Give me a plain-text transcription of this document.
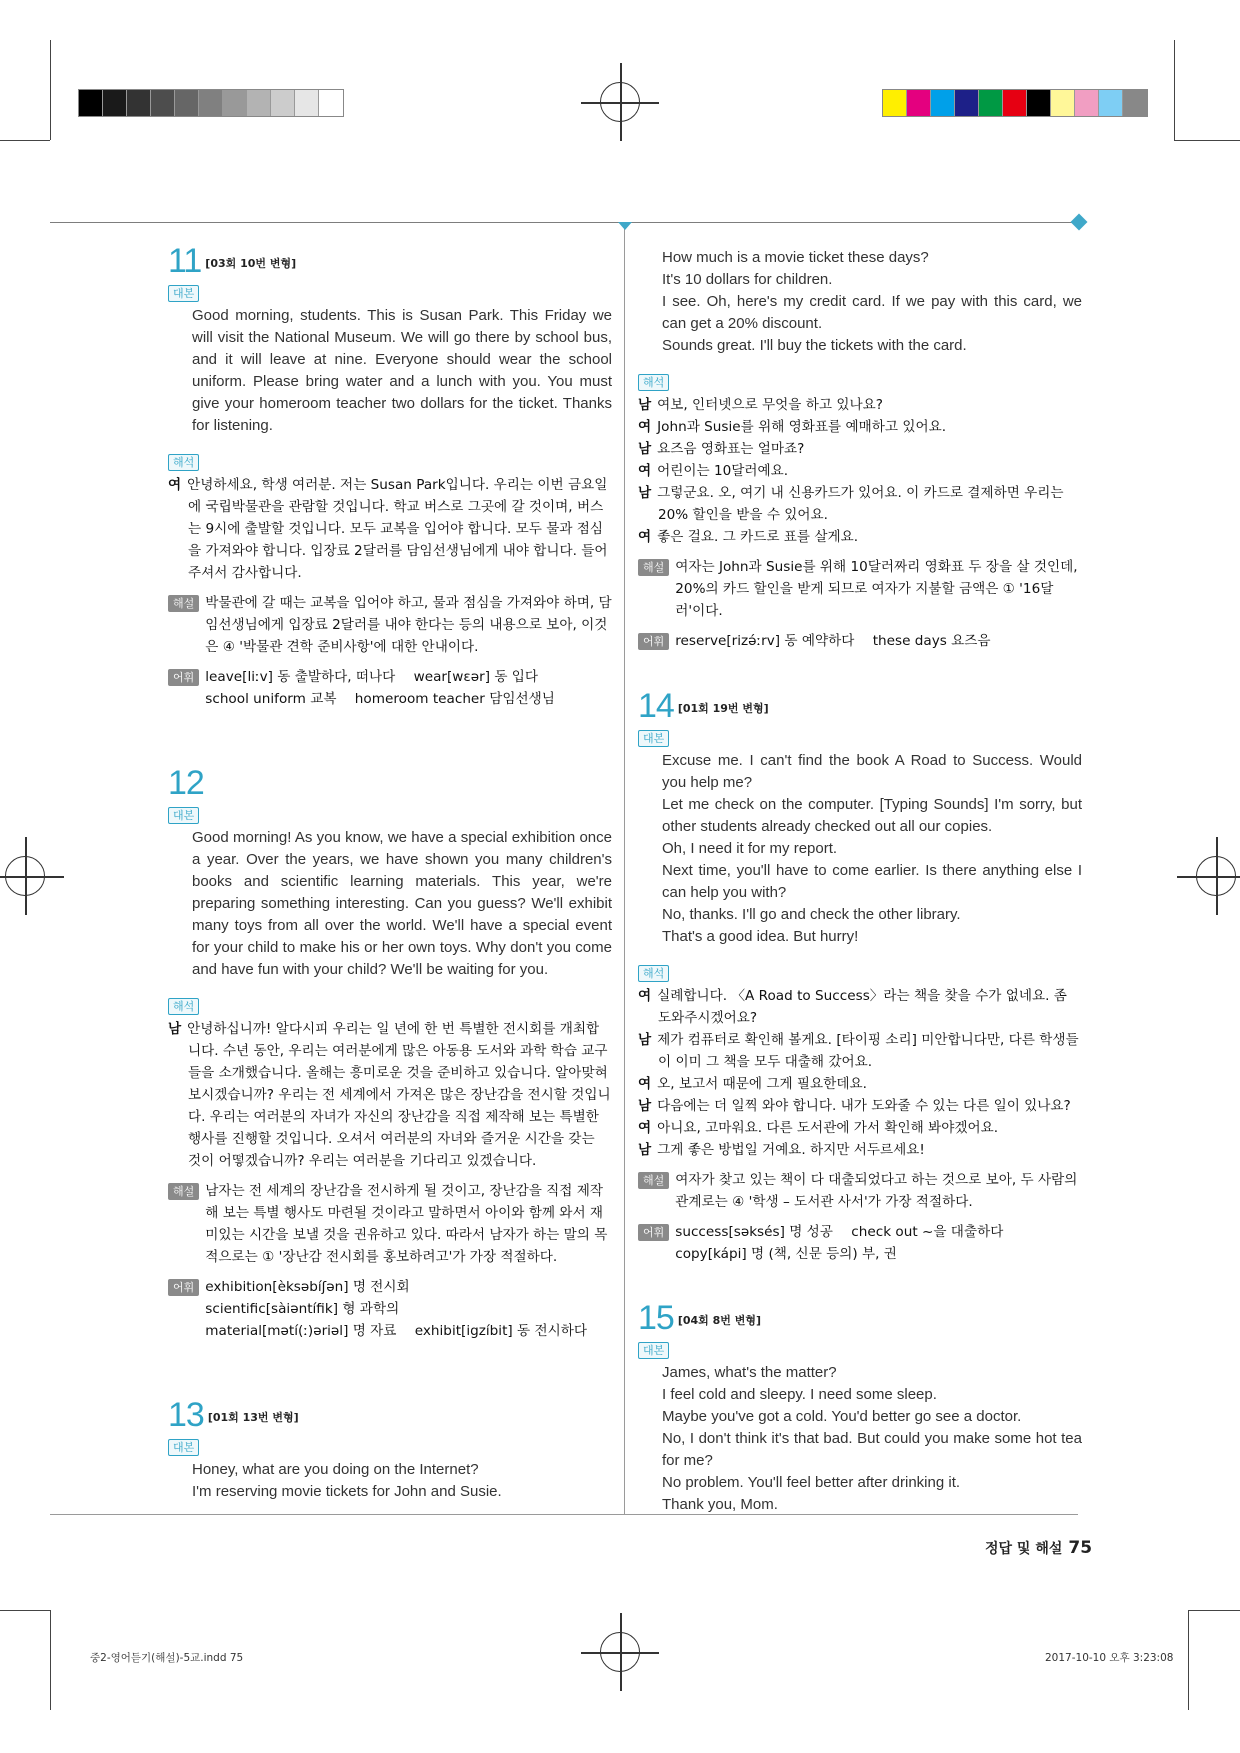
11 [03회 10번 변형]
대본

Good morning, students. This is Susan Park. This Friday we will visit the National Museum. We will go there by school bus, and it will leave at nine. Everyone should wear the school uniform. Please bring water and a lunch with you. You must give your homeroom teacher two dollars for the ticket. Thanks for listening.

해석
여 안녕하세요, 학생 여러분. 저는 Susan Park입니다. 우리는 이번 금요일에 국립박물관을 관람할 것입니다. 학교 버스로 그곳에 갈 것이며, 버스는 9시에 출발할 것입니다. 모두 교복을 입어야 합니다. 모두 물과 점심을 가져와야 합니다. 입장료 2달러를 담임선생님에게 내야 합니다. 들어주셔서 감사합니다.
해설 박물관에 갈 때는 교복을 입어야 하고, 물과 점심을 가져와야 하며, 담임선생님에게 입장료 2달러를 내야 한다는 등의 내용으로 보아, 이것은 ④ '박물관 견학 준비사항'에 대한 안내이다.
어휘 leave[liːv] 동 출발하다, 떠나다 wear[wɛər] 동 입다
school uniform 교복 homeroom teacher 담임선생님
12
대본

Good morning! As you know, we have a special exhibition once a year. Over the years, we have shown you many children's books and scientific learning materials. This year, we're preparing something interesting. Can you guess? We'll exhibit many toys from all over the world. We'll have a special event for your child to make his or her own toys. Why don't you come and have fun with your child? We'll be waiting for you.

해석
남 안녕하십니까! 알다시피 우리는 일 년에 한 번 특별한 전시회를 개최합니다. 수년 동안, 우리는 여러분에게 많은 아동용 도서와 과학 학습 교구들을 소개했습니다. 올해는 흥미로운 것을 준비하고 있습니다. 알아맞혀 보시겠습니까? 우리는 전 세계에서 가져온 많은 장난감을 전시할 것입니다. 우리는 여러분의 자녀가 자신의 장난감을 직접 제작해 보는 특별한 행사를 진행할 것입니다. 오셔서 여러분의 자녀와 즐거운 시간을 갖는 것이 어떻겠습니까? 우리는 여러분을 기다리고 있겠습니다.
해설 남자는 전 세계의 장난감을 전시하게 될 것이고, 장난감을 직접 제작해 보는 특별 행사도 마련될 것이라고 말하면서 아이와 함께 와서 재미있는 시간을 보낼 것을 권유하고 있다. 따라서 남자가 하는 말의 목적으로는 ① '장난감 전시회를 홍보하려고'가 가장 적절하다.
어휘 exhibition[èksəbíʃən] 명 전시회 scientific[sàiəntífik] 형 과학의
material[mətí(ː)əriəl] 명 자료 exhibit[igzíbit] 동 전시하다
13 [01회 13번 변형]
대본

Honey, what are you doing on the Internet?

I'm reserving movie tickets for John and Susie.

How much is a movie ticket these days?

It's 10 dollars for children.

I see. Oh, here's my credit card. If we pay with this card, we can get a 20% discount.

Sounds great. I'll buy the tickets with the card.

해석
남 여보, 인터넷으로 무엇을 하고 있나요?
여 John과 Susie를 위해 영화표를 예매하고 있어요.
남 요즈음 영화표는 얼마죠?
여 어린이는 10달러예요.
남 그렇군요. 오, 여기 내 신용카드가 있어요. 이 카드로 결제하면 우리는 20% 할인을 받을 수 있어요.
여 좋은 걸요. 그 카드로 표를 살게요.
해설 여자는 John과 Susie를 위해 10달러짜리 영화표 두 장을 살 것인데, 20%의 카드 할인을 받게 되므로 여자가 지불할 금액은 ① '16달러'이다.
어휘 reserve[rizə́ːrv] 동 예약하다 these days 요즈음
14 [01회 19번 변형]
대본

Excuse me. I can't find the book A Road to Success. Would you help me?

Let me check on the computer. [Typing Sounds] I'm sorry, but other students already checked out all our copies.

Oh, I need it for my report.

Next time, you'll have to come earlier. Is there anything else I can help you with?

No, thanks. I'll go and check the other library.

That's a good idea. But hurry!

해석
여 실례합니다. 〈A Road to Success〉라는 책을 찾을 수가 없네요. 좀 도와주시겠어요?
남 제가 컴퓨터로 확인해 볼게요. [타이핑 소리] 미안합니다만, 다른 학생들이 이미 그 책을 모두 대출해 갔어요.
여 오, 보고서 때문에 그게 필요한데요.
남 다음에는 더 일찍 와야 합니다. 내가 도와줄 수 있는 다른 일이 있나요?
여 아니요, 고마워요. 다른 도서관에 가서 확인해 봐야겠어요.
남 그게 좋은 방법일 거예요. 하지만 서두르세요!
해설 여자가 찾고 있는 책이 다 대출되었다고 하는 것으로 보아, 두 사람의 관계로는 ④ '학생 – 도서관 사서'가 가장 적절하다.
어휘 success[səksés] 명 성공 check out ~을 대출하다
copy[kápi] 명 (책, 신문 등의) 부, 권
15 [04회 8번 변형]
대본

James, what's the matter?

I feel cold and sleepy. I need some sleep.

Maybe you've got a cold. You'd better go see a doctor.

No, I don't think it's that bad. But could you make some hot tea for me?

No problem. You'll feel better after drinking it.

Thank you, Mom.

정답 및 해설 75
중2-영어듣기(해설)-5교.indd 75	2017-10-10 오후 3:23:08
